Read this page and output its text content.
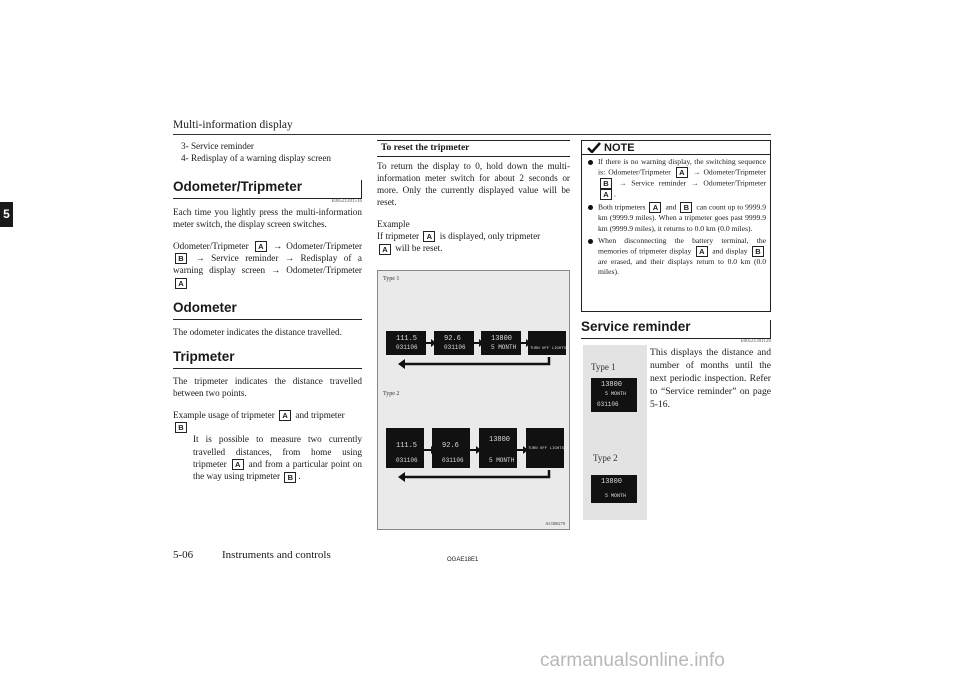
Multi-information display
5
3- Service reminder
4- Redisplay of a warning display screen
Odometer/Tripmeter
E00521201516

Each time you lightly press the multi-information meter switch, the display screen switches.

Odometer/Tripmeter A → Odometer/Tripmeter B → Service reminder → Redisplay of a warning display screen → Odometer/Tripmeter A

Odometer

The odometer indicates the distance travelled.

Tripmeter

The tripmeter indicates the distance travelled between two points.

Example usage of tripmeter A and tripmeter
B

It is possible to measure two currently travelled distances, from home using tripmeter A and from a particular point on the way using tripmeter B .

To reset the tripmeter

To return the display to 0, hold down the multi-information meter switch for about 2 seconds or more. Only the currently displayed value will be reset.

Example

If tripmeter A is displayed, only tripmeter
A will be reset.

Type 1
111.5
031106
92.6
031106
13800
5 MONTH	TURN OFF LIGHTS
Type 2
111.5
031106
92.6
031106
13800
5 MONTH
TURN OFF LIGHTS
AC000270
NOTE
If there is no warning display, the switching sequence is: Odometer/Tripmeter A → Odometer/Tripmeter B → Service reminder → Odometer/Tripmeter A .
Both tripmeters A and B can count up to 9999.9 km (9999.9 miles). When a tripmeter goes past 9999.9 km (9999.9 miles), it returns to 0.0 km (0.0 miles).
When disconnecting the battery terminal, the memories of tripmeter display A and display B are erased, and their displays return to 0.0 km (0.0 miles).
Service reminder
E00521301126
Type 1
13800
5 MONTH
031106
Type 2
13800
5 MONTH

This displays the distance and number of months until the next periodic inspection. Refer to “Service reminder” on page 5-16.

5-06	Instruments and controls	OGAE18E1
carmanualsonline.info
